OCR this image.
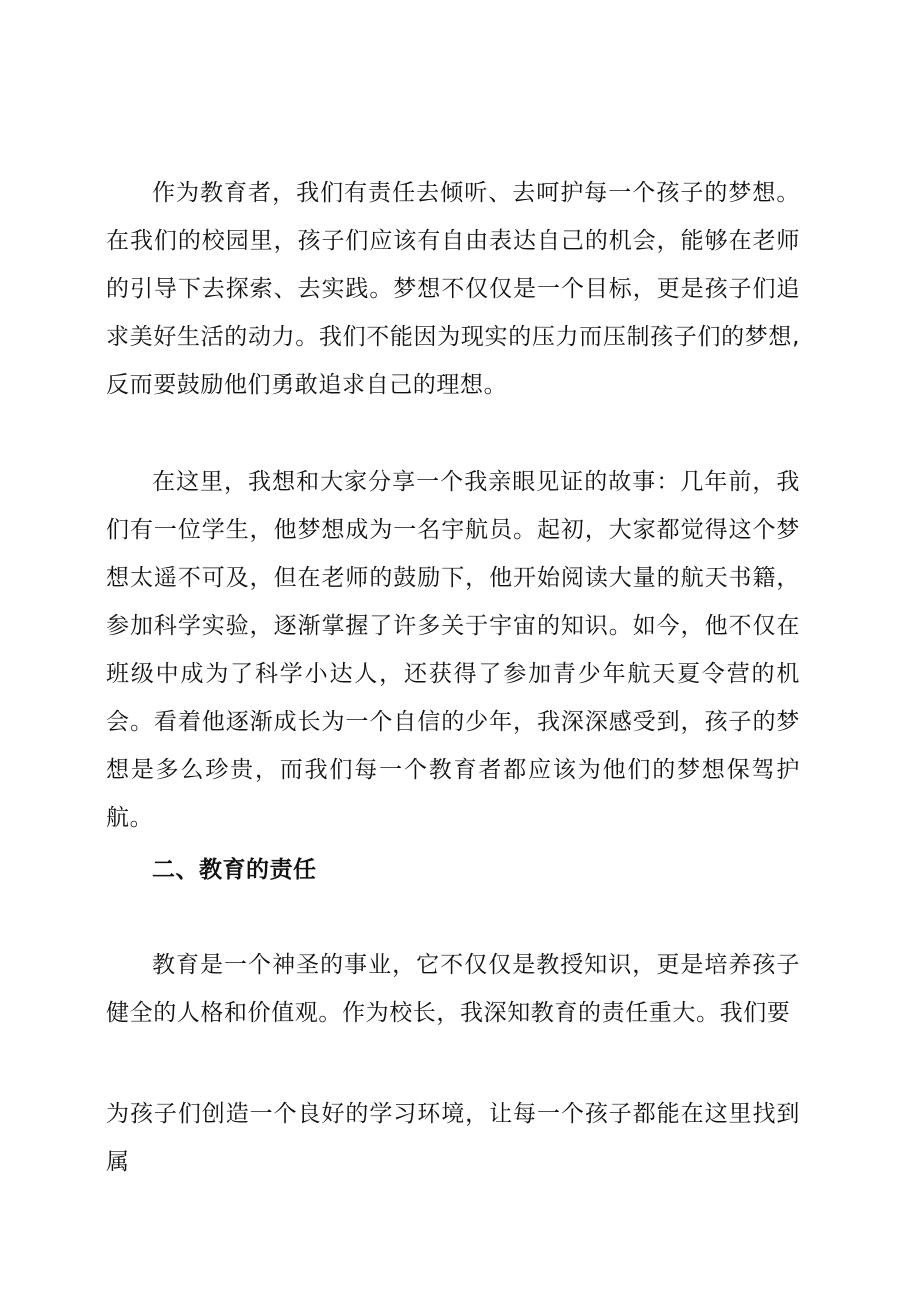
作为教育者，我们有责任去倾听、去呵护每一个孩子的梦想。在我们的校园里，孩子们应该有自由表达自己的机会，能够在老师的引导下去探索、去实践。梦想不仅仅是一个目标，更是孩子们追求美好生活的动力。我们不能因为现实的压力而压制孩子们的梦想,反而要鼓励他们勇敢追求自己的理想。

在这里，我想和大家分享一个我亲眼见证的故事：几年前，我们有一位学生，他梦想成为一名宇航员。起初，大家都觉得这个梦想太遥不可及，但在老师的鼓励下，他开始阅读大量的航天书籍，参加科学实验，逐渐掌握了许多关于宇宙的知识。如今，他不仅在班级中成为了科学小达人，还获得了参加青少年航天夏令营的机会。看着他逐渐成长为一个自信的少年，我深深感受到，孩子的梦想是多么珍贵，而我们每一个教育者都应该为他们的梦想保驾护航。

二、教育的责任

教育是一个神圣的事业，它不仅仅是教授知识，更是培养孩子健全的人格和价值观。作为校长，我深知教育的责任重大。我们要

为孩子们创造一个良好的学习环境，让每一个孩子都能在这里找到属
